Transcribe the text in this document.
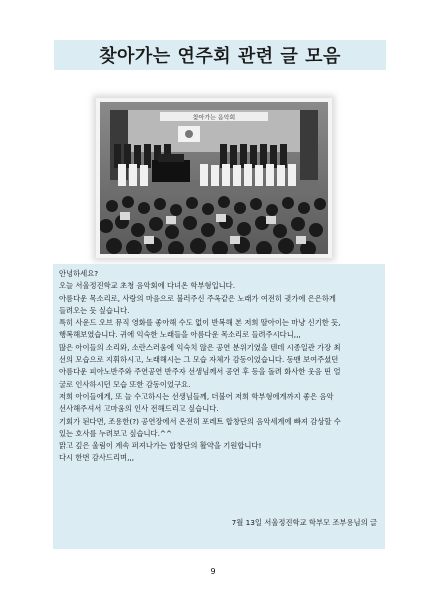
찾아가는 연주회 관련 글 모음
찾아가는 음악회

안녕하세요?
오늘 서울정진학교 초청 음악회에 다녀온 학부형입니다.
아름다운 목소리로, 사랑의 마음으로 불러주신 주옥같은 노래가 여전히 귓가에 은은하게
들려오는 듯 싶습니다.
특히 사운드 오브 뮤직 영화를 좋아해 수도 없이 반복해 본 저희 딸아이는 마냥 신기한 듯,
행복해보였습니다. 귀에 익숙한 노래들을 아름다운 목소리로 들려주시다니,,,
많은 아이들의 소리와, 소란스러움에 익숙치 않은 공연 분위기였을 텐데 시종일관 가장 최
선의 모습으로 지휘하시고, 노래해시는 그 모습 자체가 감동이었습니다. 동맨 보여주셨던
아름다운 피아노반주와 주연공연 반주자 선생님께서 공연 후 등을 돌려 화사한 웃음 띤 얼
굴로 인사하시던 모습 또한 감동이었구요.
저희 아이들에게, 또 늘 수고하시는 선생님들께, 더불어 저희 학부형에게까지 좋은 음악
선사해주셔서 고마움의 인사 전해드리고 싶습니다.
기회가 된다면, 조용한(?) 공연장에서 온전히 포레트 합창단의 음악세계에 빠져 감상할 수
있는 호사를 누려보고 싶습니다.^^
맑고 깊은 울림이 계속 퍼져나가는 합창단의 활약을 기원합니다!
다시 한번 감사드리며,,,

7월 13일 서울정진학교 학부모 조부용님의 글
9
